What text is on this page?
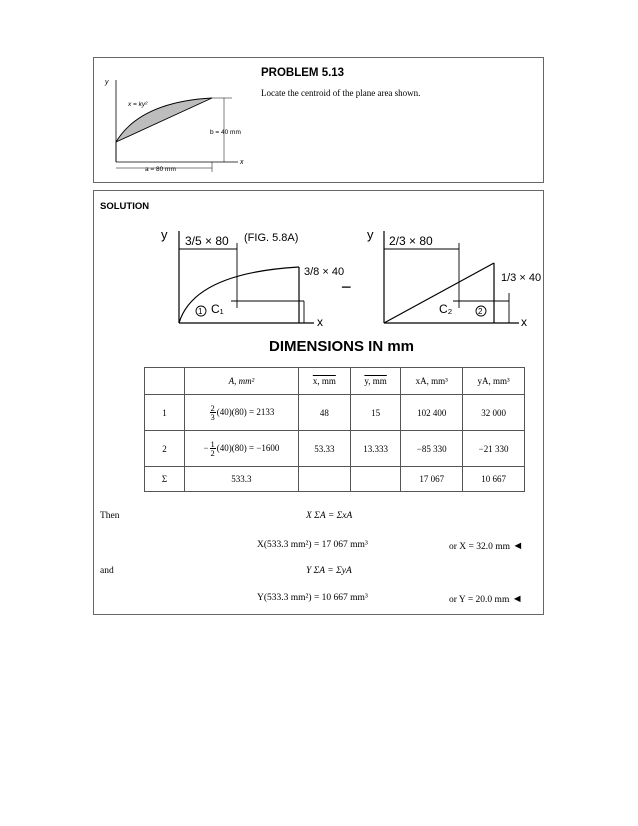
y
x
x = ky²
b = 40 mm
a = 80 mm
PROBLEM 5.13
Locate the centroid of the plane area shown.
SOLUTION
y 3/5 × 80 (FIG. 5.8A)
3/8 × 40
C₁
1
x
−
y 2/3 × 80
1/3 × 40
C₂	2
x
DIMENSIONS IN mm
	A, mm²	x, mm	y, mm	xA, mm³	yA, mm³
1	$\frac{2}{3} (40)(80) = 2133$	48	15	102 400	32 000
2	− $\frac{1}{2} (40)(80) = -1600$	53.33	13.333	−85 330	−21 330
Σ	533.3			17 067	10 667
Then	X ΣA = ΣxA
X(533.3 mm²) = 17 067 mm³	or X = 32.0 mm ◄
and	Y ΣA = ΣyA
Y(533.3 mm²) = 10 667 mm³	or Y = 20.0 mm ◄
